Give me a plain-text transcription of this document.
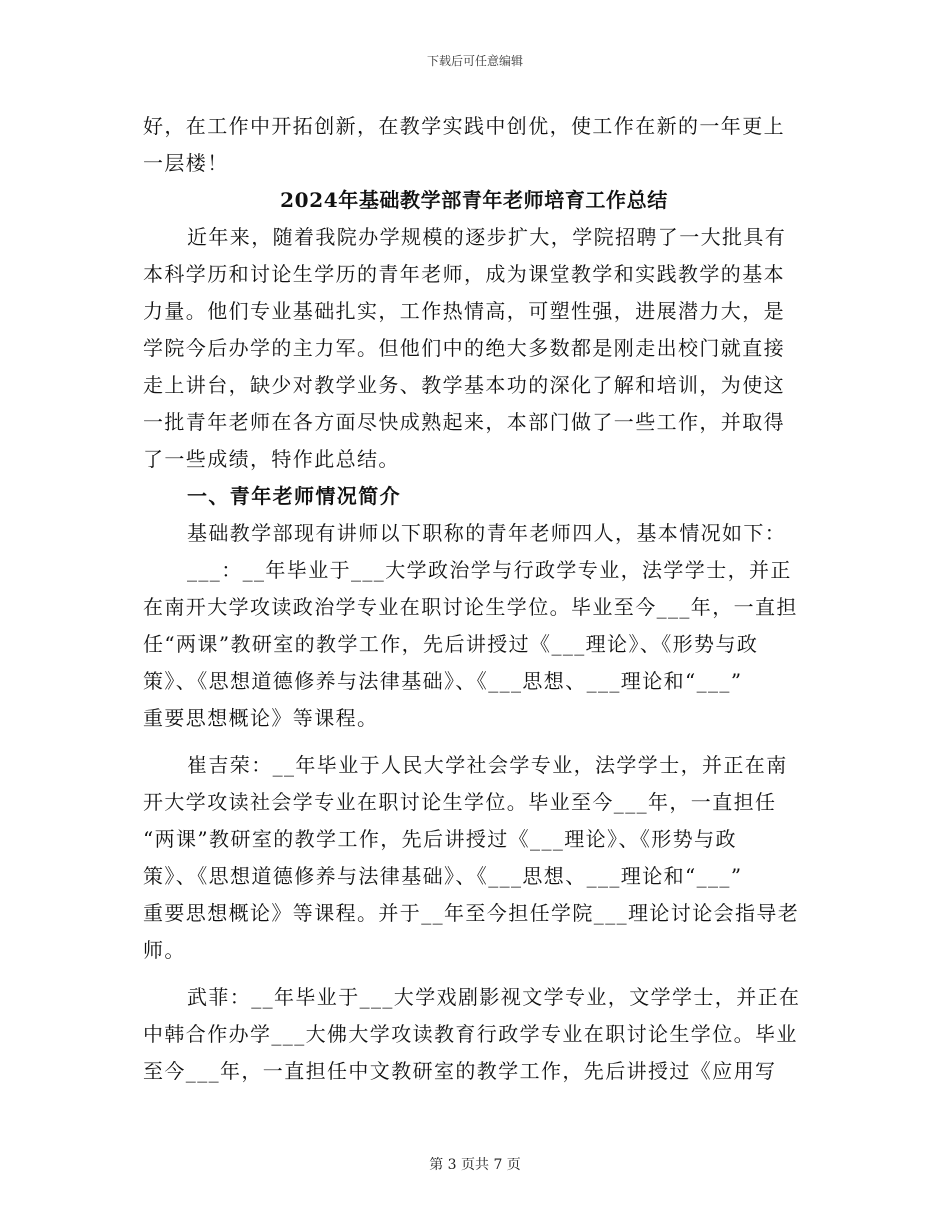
下载后可任意编辑
好，在工作中开拓创新，在教学实践中创优，使工作在新的一年更上
一层楼！
2024年基础教学部青年老师培育工作总结
近年来，随着我院办学规模的逐步扩大，学院招聘了一大批具有
本科学历和讨论生学历的青年老师，成为课堂教学和实践教学的基本
力量。他们专业基础扎实，工作热情高，可塑性强，进展潜力大，是
学院今后办学的主力军。但他们中的绝大多数都是刚走出校门就直接
走上讲台，缺少对教学业务、教学基本功的深化了解和培训，为使这
一批青年老师在各方面尽快成熟起来，本部门做了一些工作，并取得
了一些成绩，特作此总结。
一、青年老师情况简介
基础教学部现有讲师以下职称的青年老师四人，基本情况如下：
___：__年毕业于___大学政治学与行政学专业，法学学士，并正
在南开大学攻读政治学专业在职讨论生学位。毕业至今___年，一直担
任“两课”教研室的教学工作，先后讲授过《___理论》、《形势与政
策》、《思想道德修养与法律基础》、《___思想、___理论和“___”
重要思想概论》等课程。
崔吉荣：__年毕业于人民大学社会学专业，法学学士，并正在南
开大学攻读社会学专业在职讨论生学位。毕业至今___年，一直担任
“两课”教研室的教学工作，先后讲授过《___理论》、《形势与政
策》、《思想道德修养与法律基础》、《___思想、___理论和“___”
重要思想概论》等课程。并于__年至今担任学院___理论讨论会指导老
师。
武菲：__年毕业于___大学戏剧影视文学专业，文学学士，并正在
中韩合作办学___大佛大学攻读教育行政学专业在职讨论生学位。毕业
至今___年，一直担任中文教研室的教学工作，先后讲授过《应用写
第 3 页共 7 页
